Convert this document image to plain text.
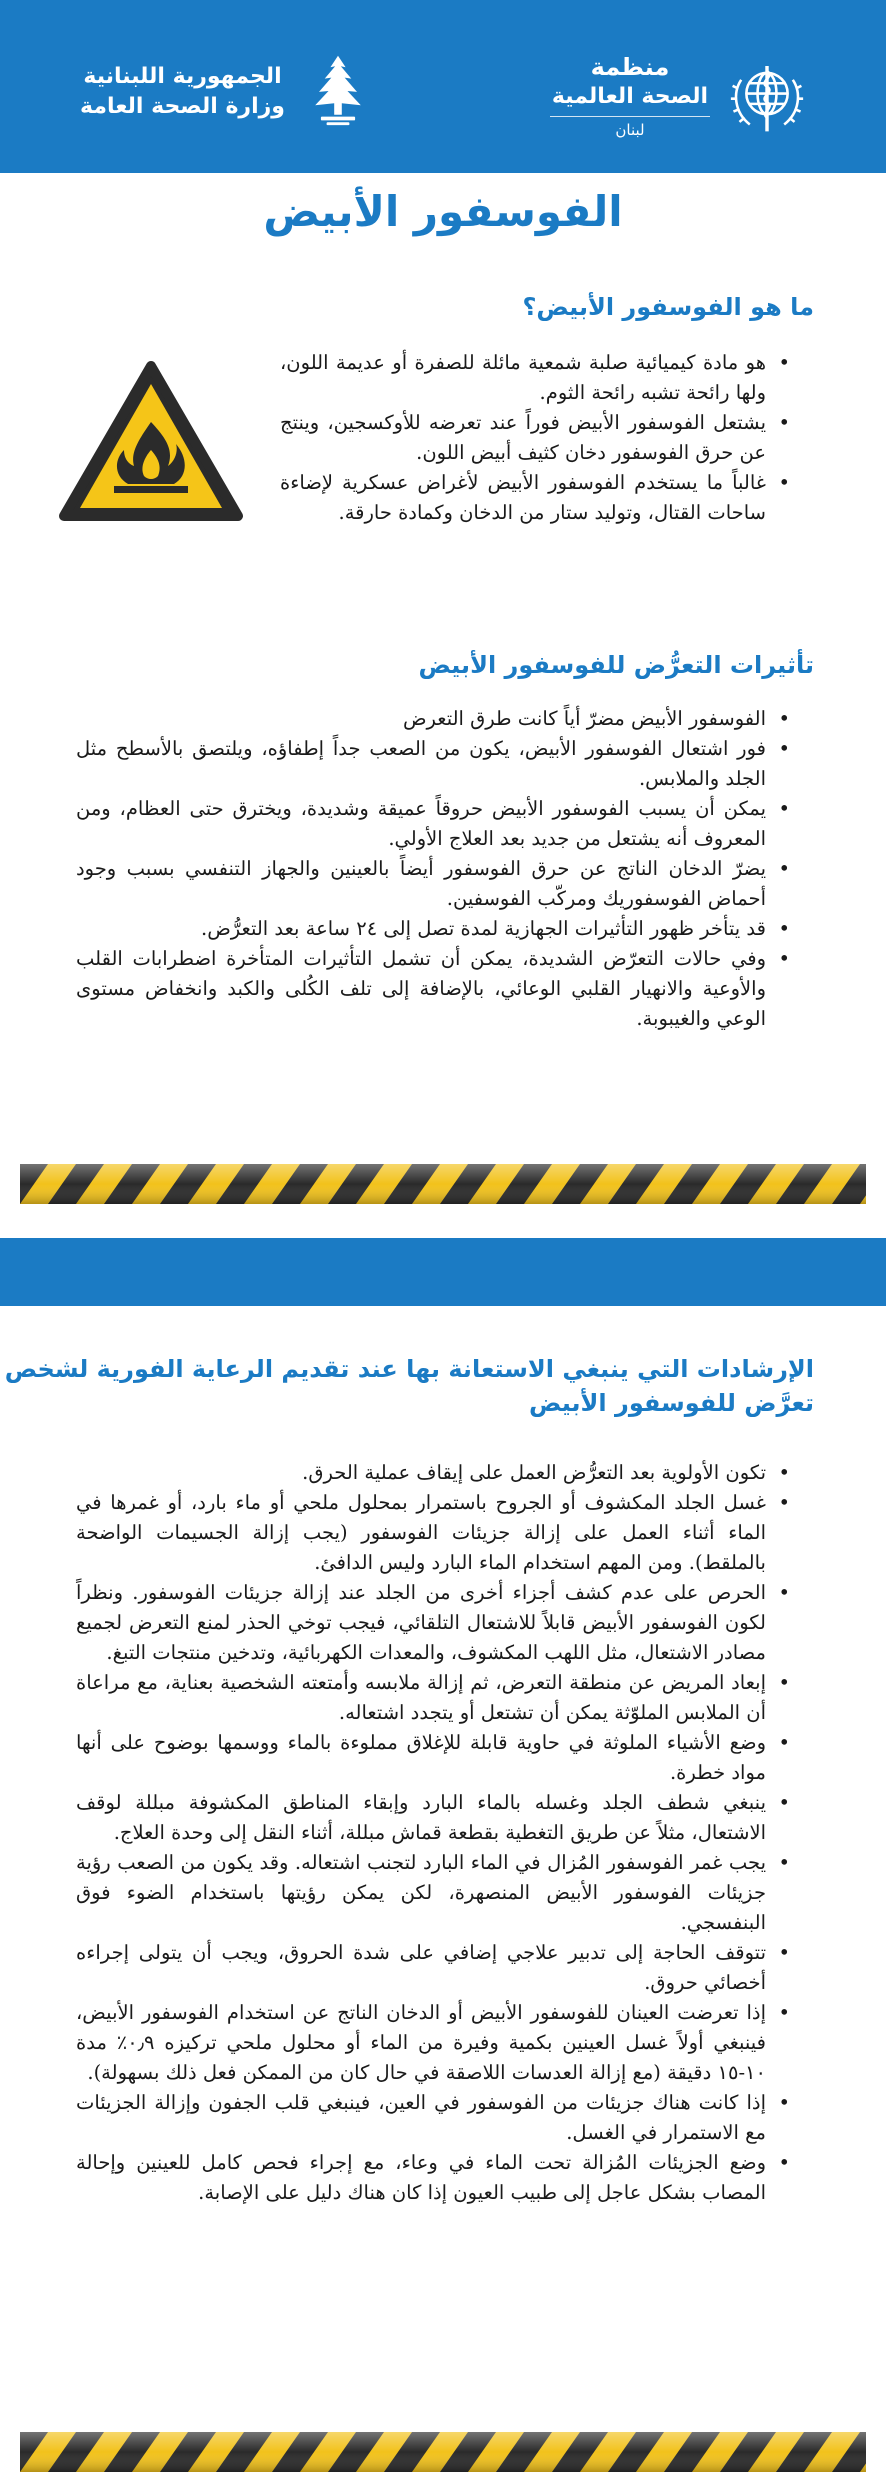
منظمة
الصحة العالمية
لبنان
الجمهورية اللبنانية
وزارة الصحة العامة
الفوسفور الأبيض
ما هو الفوسفور الأبيض؟
• هو مادة كيميائية صلبة شمعية مائلة للصفرة أو عديمة اللون، ولها رائحة تشبه رائحة الثوم.
• يشتعل الفوسفور الأبيض فوراً عند تعرضه للأوكسجين، وينتج عن حرق الفوسفور دخان كثيف أبيض اللون.
• غالباً ما يستخدم الفوسفور الأبيض لأغراض عسكرية لإضاءة ساحات القتال، وتوليد ستار من الدخان وكمادة حارقة.
تأثيرات التعرُّض للفوسفور الأبيض
• الفوسفور الأبيض مضرّ أياً كانت طرق التعرض
• فور اشتعال الفوسفور الأبيض، يكون من الصعب جداً إطفاؤه، ويلتصق بالأسطح مثل الجلد والملابس.
• يمكن أن يسبب الفوسفور الأبيض حروقاً عميقة وشديدة، ويخترق حتى العظام، ومن المعروف أنه يشتعل من جديد بعد العلاج الأولي.
• يضرّ الدخان الناتج عن حرق الفوسفور أيضاً بالعينين والجهاز التنفسي بسبب وجود أحماض الفوسفوريك ومركّب الفوسفين.
• قد يتأخر ظهور التأثيرات الجهازية لمدة تصل إلى ٢٤ ساعة بعد التعرُّض.
• وفي حالات التعرّض الشديدة، يمكن أن تشمل التأثيرات المتأخرة اضطرابات القلب والأوعية والانهيار القلبي الوعائي، بالإضافة إلى تلف الكُلى والكبد وانخفاض مستوى الوعي والغيبوبة.
الإرشادات التي ينبغي الاستعانة بها عند تقديم الرعاية الفورية لشخص
تعرَّض للفوسفور الأبيض
• تكون الأولوية بعد التعرُّض العمل على إيقاف عملية الحرق.
• غسل الجلد المكشوف أو الجروح باستمرار بمحلول ملحي أو ماء بارد، أو غمرها في الماء أثناء العمل على إزالة جزيئات الفوسفور (يجب إزالة الجسيمات الواضحة بالملقط). ومن المهم استخدام الماء البارد وليس الدافئ.
• الحرص على عدم كشف أجزاء أخرى من الجلد عند إزالة جزيئات الفوسفور. ونظراً لكون الفوسفور الأبيض قابلاً للاشتعال التلقائي، فيجب توخي الحذر لمنع التعرض لجميع مصادر الاشتعال، مثل اللهب المكشوف، والمعدات الكهربائية، وتدخين منتجات التبغ.
• إبعاد المريض عن منطقة التعرض، ثم إزالة ملابسه وأمتعته الشخصية بعناية، مع مراعاة أن الملابس الملوّثة يمكن أن تشتعل أو يتجدد اشتعاله.
• وضع الأشياء الملوثة في حاوية قابلة للإغلاق مملوءة بالماء ووسمها بوضوح على أنها مواد خطرة.
• ينبغي شطف الجلد وغسله بالماء البارد وإبقاء المناطق المكشوفة مبللة لوقف الاشتعال، مثلاً عن طريق التغطية بقطعة قماش مبللة، أثناء النقل إلى وحدة العلاج.
• يجب غمر الفوسفور المُزال في الماء البارد لتجنب اشتعاله. وقد يكون من الصعب رؤية جزيئات الفوسفور الأبيض المنصهرة، لكن يمكن رؤيتها باستخدام الضوء فوق البنفسجي.
• تتوقف الحاجة إلى تدبير علاجي إضافي على شدة الحروق، ويجب أن يتولى إجراءه أخصائي حروق.
• إذا تعرضت العينان للفوسفور الأبيض أو الدخان الناتج عن استخدام الفوسفور الأبيض، فينبغي أولاً غسل العينين بكمية وفيرة من الماء أو محلول ملحي تركيزه ٠٫٩٪ مدة ١٠-١٥ دقيقة (مع إزالة العدسات اللاصقة في حال كان من الممكن فعل ذلك بسهولة).
• إذا كانت هناك جزيئات من الفوسفور في العين، فينبغي قلب الجفون وإزالة الجزيئات مع الاستمرار في الغسل.
• وضع الجزيئات المُزالة تحت الماء في وعاء، مع إجراء فحص كامل للعينين وإحالة المصاب بشكل عاجل إلى طبيب العيون إذا كان هناك دليل على الإصابة.
